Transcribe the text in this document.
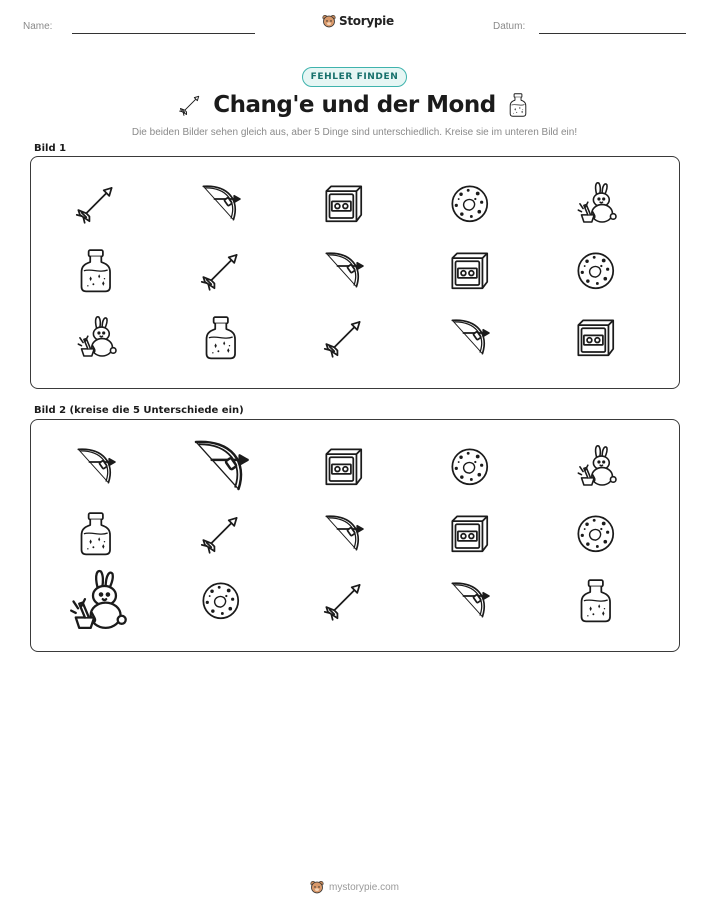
Name:	Storypie	Datum:
FEHLER FINDEN
Chang'e und der Mond
Die beiden Bilder sehen gleich aus, aber 5 Dinge sind unterschiedlich. Kreise sie im unteren Bild ein!
Bild 1
Bild 2 (kreise die 5 Unterschiede ein)
mystorypie.com
